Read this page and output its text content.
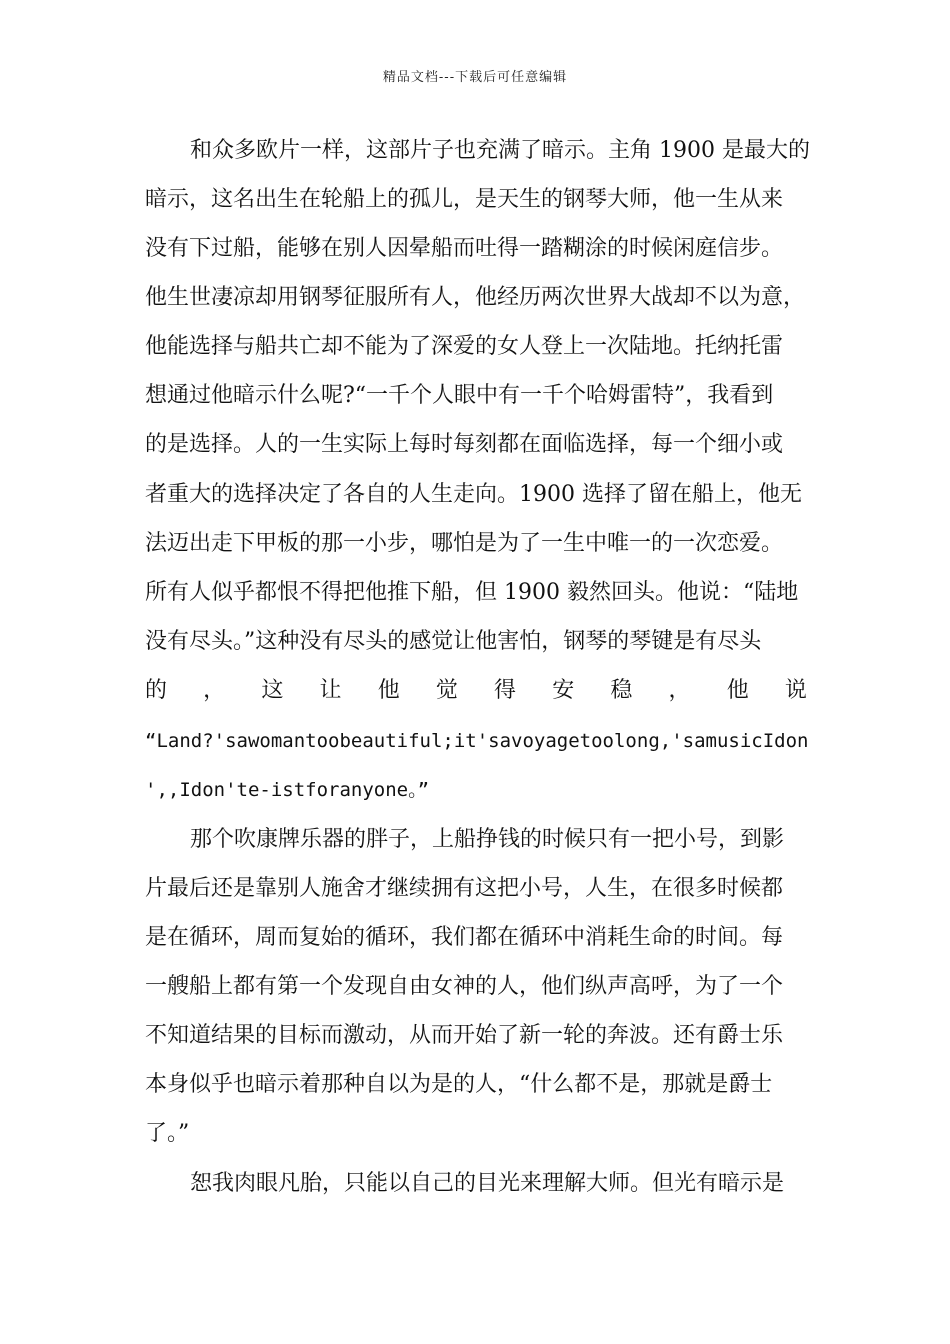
精品文档---下载后可任意编辑
和众多欧片一样，这部片子也充满了暗示。主角 1900 是最大的
暗示，这名出生在轮船上的孤儿，是天生的钢琴大师，他一生从来
没有下过船，能够在别人因晕船而吐得一踏糊涂的时候闲庭信步。
他生世凄凉却用钢琴征服所有人，他经历两次世界大战却不以为意，
他能选择与船共亡却不能为了深爱的女人登上一次陆地。托纳托雷
想通过他暗示什么呢?“一千个人眼中有一千个哈姆雷特”，我看到
的是选择。人的一生实际上每时每刻都在面临选择，每一个细小或
者重大的选择决定了各自的人生走向。1900 选择了留在船上，他无
法迈出走下甲板的那一小步，哪怕是为了一生中唯一的一次恋爱。
所有人似乎都恨不得把他推下船，但 1900 毅然回头。他说：“陆地
没有尽头。”这种没有尽头的感觉让他害怕，钢琴的琴键是有尽头
的 ， 这 让 他 觉 得 安 稳 ， 他 说
“Land?'sawomantoobeautiful;it'savoyagetoolong,'samusicIdon
',,Idon'te-istforanyone。”
那个吹康牌乐器的胖子，上船挣钱的时候只有一把小号，到影
片最后还是靠别人施舍才继续拥有这把小号，人生，在很多时候都
是在循环，周而复始的循环，我们都在循环中消耗生命的时间。每
一艘船上都有第一个发现自由女神的人，他们纵声高呼，为了一个
不知道结果的目标而激动，从而开始了新一轮的奔波。还有爵士乐
本身似乎也暗示着那种自以为是的人，“什么都不是，那就是爵士
了。”
恕我肉眼凡胎，只能以自己的目光来理解大师。但光有暗示是
